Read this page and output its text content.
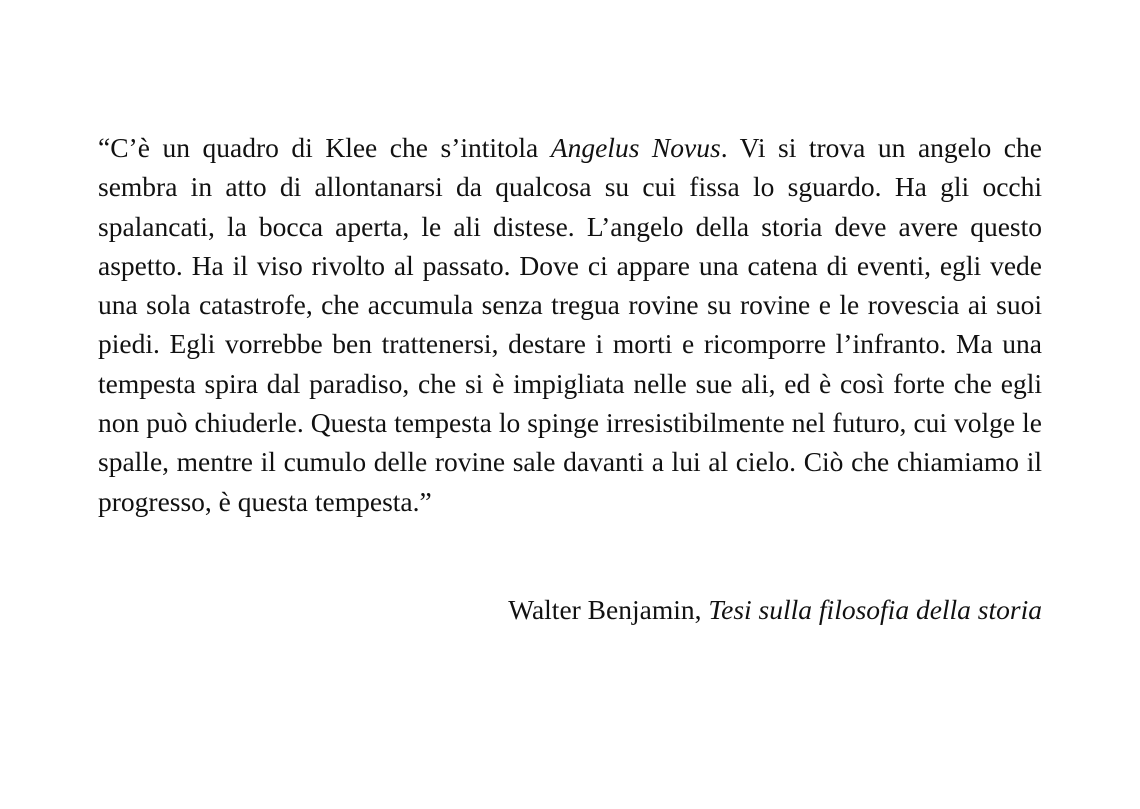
“C’è un quadro di Klee che s’intitola Angelus Novus. Vi si trova un angelo che sembra in atto di allontanarsi da qualcosa su cui fissa lo sguardo. Ha gli occhi spalancati, la bocca aperta, le ali distese. L’angelo della storia deve avere questo aspetto. Ha il viso rivolto al passato. Dove ci appare una catena di eventi, egli vede una sola catastrofe, che accumula senza tregua rovine su rovine e le rovescia ai suoi piedi. Egli vorrebbe ben trattenersi, destare i morti e ricomporre l’infranto. Ma una tempesta spira dal paradiso, che si è impigliata nelle sue ali, ed è così forte che egli non può chiuderle. Questa tempesta lo spinge irresistibilmente nel futuro, cui volge le spalle, mentre il cumulo delle rovine sale davanti a lui al cielo. Ciò che chiamiamo il progresso, è questa tempesta.”

Walter Benjamin, Tesi sulla filosofia della storia
